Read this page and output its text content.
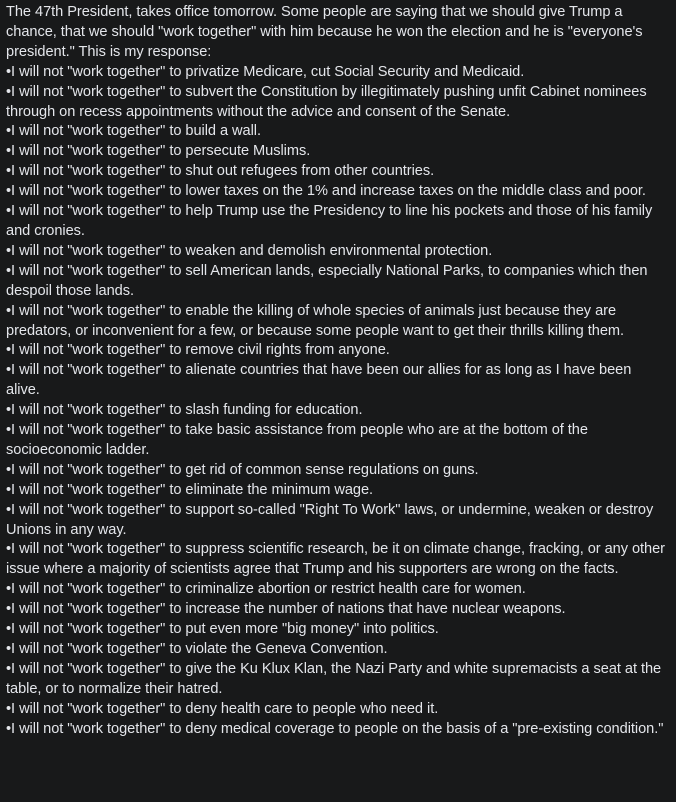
The 47th President, takes office tomorrow. Some people are saying that we should give Trump a chance, that we should "work together" with him because he won the election and he is "everyone's president." This is my response:

•I will not "work together" to privatize Medicare, cut Social Security and Medicaid.

•I will not "work together" to subvert the Constitution by illegitimately pushing unfit Cabinet nominees through on recess appointments without the advice and consent of the Senate.

•I will not "work together" to build a wall.

•I will not "work together" to persecute Muslims.

•I will not "work together" to shut out refugees from other countries.

•I will not "work together" to lower taxes on the 1% and increase taxes on the middle class and poor.

•I will not "work together" to help Trump use the Presidency to line his pockets and those of his family and cronies.

•I will not "work together" to weaken and demolish environmental protection.

•I will not "work together" to sell American lands, especially National Parks, to companies which then despoil those lands.

•I will not "work together" to enable the killing of whole species of animals just because they are predators, or inconvenient for a few, or because some people want to get their thrills killing them.

•I will not "work together" to remove civil rights from anyone.

•I will not "work together" to alienate countries that have been our allies for as long as I have been alive.

•I will not "work together" to slash funding for education.

•I will not "work together" to take basic assistance from people who are at the bottom of the socioeconomic ladder.

•I will not "work together" to get rid of common sense regulations on guns.

•I will not "work together" to eliminate the minimum wage.

•I will not "work together" to support so-called "Right To Work" laws, or undermine, weaken or destroy Unions in any way.

•I will not "work together" to suppress scientific research, be it on climate change, fracking, or any other issue where a majority of scientists agree that Trump and his supporters are wrong on the facts.

•I will not "work together" to criminalize abortion or restrict health care for women.

•I will not "work together" to increase the number of nations that have nuclear weapons.

•I will not "work together" to put even more "big money" into politics.

•I will not "work together" to violate the Geneva Convention.

•I will not "work together" to give the Ku Klux Klan, the Nazi Party and white supremacists a seat at the table, or to normalize their hatred.

•I will not "work together" to deny health care to people who need it.

•I will not "work together" to deny medical coverage to people on the basis of a "pre-existing condition."
